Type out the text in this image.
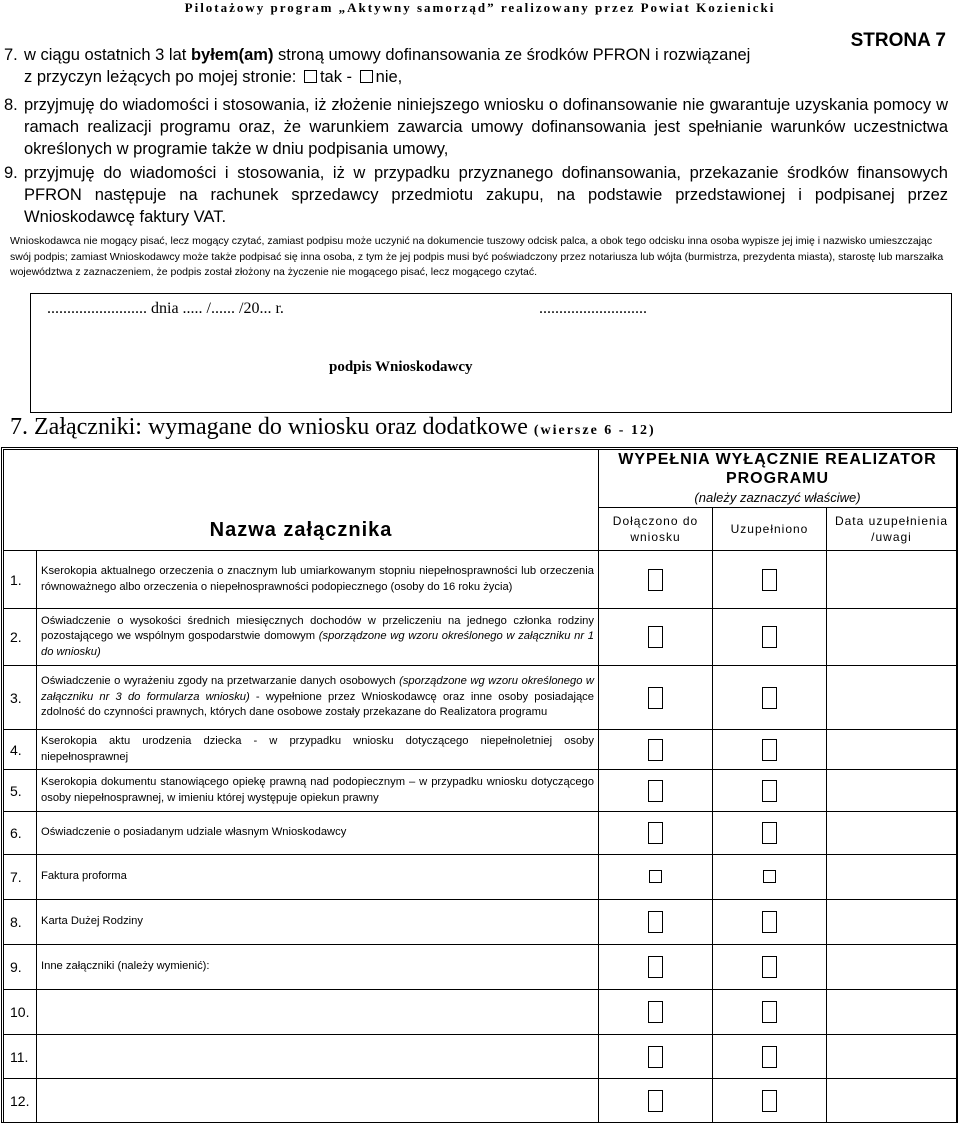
Pilotażowy program „Aktywny samorząd” realizowany przez Powiat Kozienicki
STRONA 7
7. w ciągu ostatnich 3 lat byłem(am) stroną umowy dofinansowania ze środków PFRON i rozwiązanej
z przyczyn leżących po mojej stronie: tak - nie,
8. przyjmuję do wiadomości i stosowania, iż złożenie niniejszego wniosku o dofinansowanie nie gwarantuje uzyskania pomocy w ramach realizacji programu oraz, że warunkiem zawarcia umowy dofinansowania jest spełnianie warunków uczestnictwa określonych w programie także w dniu podpisania umowy,
9. przyjmuję do wiadomości i stosowania, iż w przypadku przyznanego dofinansowania, przekazanie środków finansowych PFRON następuje na rachunek sprzedawcy przedmiotu zakupu, na podstawie przedstawionej i podpisanej przez Wnioskodawcę faktury VAT.
Wnioskodawca nie mogący pisać, lecz mogący czytać, zamiast podpisu może uczynić na dokumencie tuszowy odcisk palca, a obok tego odcisku inna osoba wypisze jej imię i nazwisko umieszczając swój podpis; zamiast Wnioskodawcy może także podpisać się inna osoba, z tym że jej podpis musi być poświadczony przez notariusza lub wójta (burmistrza, prezydenta miasta), starostę lub marszałka województwa z zaznaczeniem, że podpis został złożony na życzenie nie mogącego pisać, lecz mogącego czytać.
......................... dnia ..... /...... /20... r.	...........................
podpis Wnioskodawcy
7. Załączniki: wymagane do wniosku oraz dodatkowe (wiersze 6 - 12)
Nazwa załącznika		WYPEŁNIA WYŁĄCZNIE REALIZATOR PROGRAMU
(należy zaznaczyć właściwe)		

		Dołączono do wniosku	Uzupełniono	Data uzupełnienia /uwagi
1.	Kserokopia aktualnego orzeczenia o znacznym lub umiarkowanym stopniu niepełnosprawności lub orzeczenia równoważnego albo orzeczenia o niepełnosprawności podopiecznego (osoby do 16 roku życia)			
2.	Oświadczenie o wysokości średnich miesięcznych dochodów w przeliczeniu na jednego członka rodziny pozostającego we wspólnym gospodarstwie domowym (sporządzone wg wzoru określonego w załączniku nr 1 do wniosku)			
3.	Oświadczenie o wyrażeniu zgody na przetwarzanie danych osobowych (sporządzone wg wzoru określonego w załączniku nr 3 do formularza wniosku) - wypełnione przez Wnioskodawcę oraz inne osoby posiadające zdolność do czynności prawnych, których dane osobowe zostały przekazane do Realizatora programu			
4.	Kserokopia aktu urodzenia dziecka - w przypadku wniosku dotyczącego niepełnoletniej osoby niepełnosprawnej			
5.	Kserokopia dokumentu stanowiącego opiekę prawną nad podopiecznym – w przypadku wniosku dotyczącego osoby niepełnosprawnej, w imieniu której występuje opiekun prawny			
6.	Oświadczenie o posiadanym udziale własnym Wnioskodawcy			
7.	Faktura proforma			
8.	Karta Dużej Rodziny			
9.	Inne załączniki (należy wymienić):			
10.				
11.				
12.				
